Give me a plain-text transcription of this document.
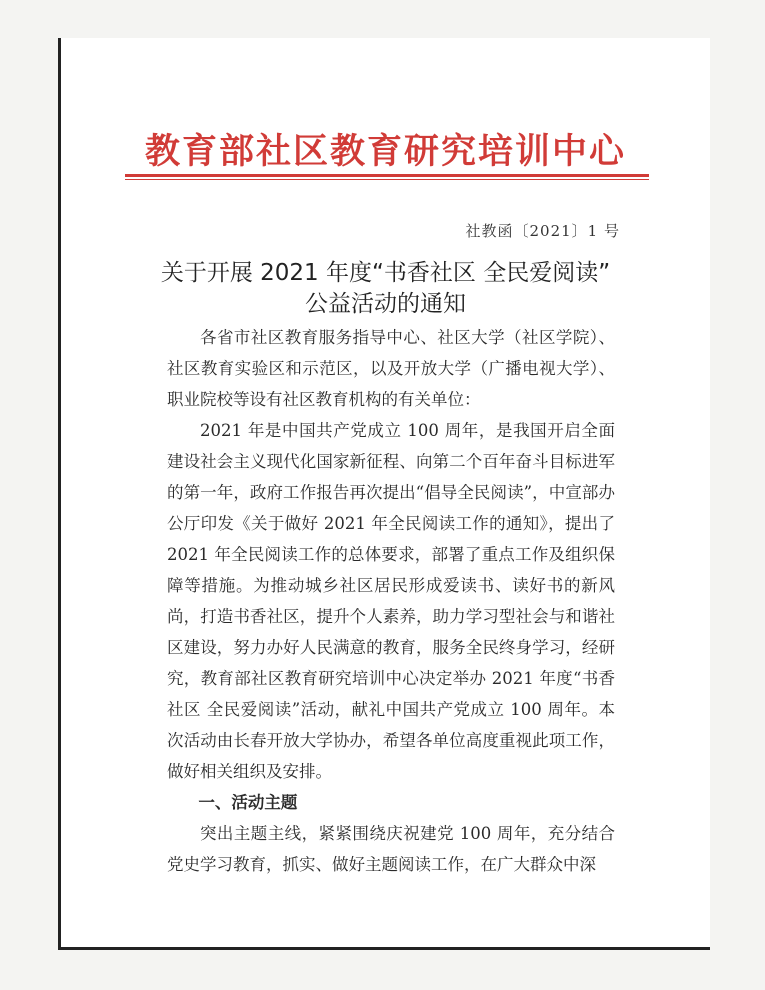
教育部社区教育研究培训中心
社教函〔2021〕1 号
关于开展 2021 年度“书香社区 全民爱阅读”
公益活动的通知

各省市社区教育服务指导中心、社区大学（社区学院）、社区教育实验区和示范区，以及开放大学（广播电视大学）、职业院校等设有社区教育机构的有关单位：

2021 年是中国共产党成立 100 周年，是我国开启全面建设社会主义现代化国家新征程、向第二个百年奋斗目标进军的第一年，政府工作报告再次提出“倡导全民阅读”，中宣部办公厅印发《关于做好 2021 年全民阅读工作的通知》，提出了 2021 年全民阅读工作的总体要求，部署了重点工作及组织保障等措施。为推动城乡社区居民形成爱读书、读好书的新风尚，打造书香社区，提升个人素养，助力学习型社会与和谐社区建设，努力办好人民满意的教育，服务全民终身学习，经研究，教育部社区教育研究培训中心决定举办 2021 年度“书香社区 全民爱阅读”活动，献礼中国共产党成立 100 周年。本次活动由长春开放大学协办，希望各单位高度重视此项工作，做好相关组织及安排。

一、活动主题

突出主题主线，紧紧围绕庆祝建党 100 周年，充分结合党史学习教育，抓实、做好主题阅读工作，在广大群众中深
